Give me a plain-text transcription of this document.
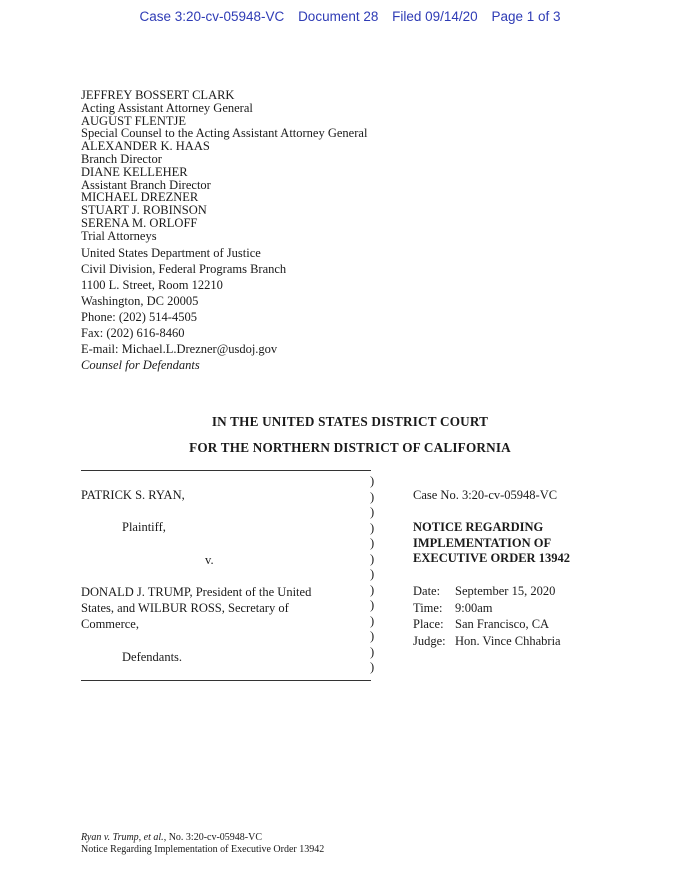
Case 3:20-cv-05948-VC Document 28 Filed 09/14/20 Page 1 of 3
JEFFREY BOSSERT CLARK
Acting Assistant Attorney General
AUGUST FLENTJE
Special Counsel to the Acting Assistant Attorney General
ALEXANDER K. HAAS
Branch Director
DIANE KELLEHER
Assistant Branch Director
MICHAEL DREZNER
STUART J. ROBINSON
SERENA M. ORLOFF
Trial Attorneys
United States Department of Justice
Civil Division, Federal Programs Branch
1100 L. Street, Room 12210
Washington, DC 20005
Phone: (202) 514-4505
Fax: (202) 616-8460
E-mail: Michael.L.Drezner@usdoj.gov
Counsel for Defendants
IN THE UNITED STATES DISTRICT COURT
FOR THE NORTHERN DISTRICT OF CALIFORNIA
PATRICK S. RYAN,
Plaintiff,
v.
DONALD J. TRUMP, President of the United
States, and WILBUR ROSS, Secretary of
Commerce,
Defendants.
)
)
)
)
)
)
)
)
)
)
)
)
)
Case No. 3:20-cv-05948-VC
NOTICE REGARDING
IMPLEMENTATION OF
EXECUTIVE ORDER 13942
Date: September 15, 2020
Time: 9:00am
Place: San Francisco, CA
Judge: Hon. Vince Chhabria
Ryan v. Trump, et al., No. 3:20-cv-05948-VC
Notice Regarding Implementation of Executive Order 13942
